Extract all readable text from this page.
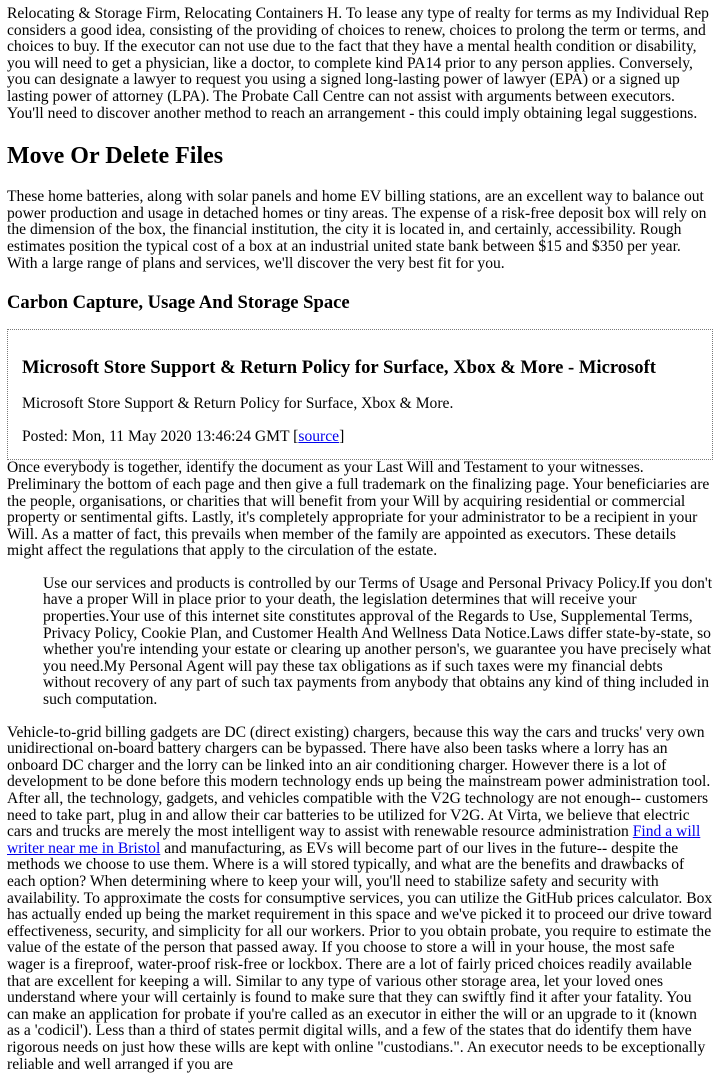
Relocating & Storage Firm, Relocating Containers H. To lease any type of realty for terms as my Individual Rep considers a good idea, consisting of the providing of choices to renew, choices to prolong the term or terms, and choices to buy. If the executor can not use due to the fact that they have a mental health condition or disability, you will need to get a physician, like a doctor, to complete kind PA14 prior to any person applies. Conversely, you can designate a lawyer to request you using a signed long-lasting power of lawyer (EPA) or a signed up lasting power of attorney (LPA). The Probate Call Centre can not assist with arguments between executors. You'll need to discover another method to reach an arrangement - this could imply obtaining legal suggestions.

Move Or Delete Files

These home batteries, along with solar panels and home EV billing stations, are an excellent way to balance out power production and usage in detached homes or tiny areas. The expense of a risk-free deposit box will rely on the dimension of the box, the financial institution, the city it is located in, and certainly, accessibility. Rough estimates position the typical cost of a box at an industrial united state bank between $15 and $350 per year. With a large range of plans and services, we'll discover the very best fit for you.

Carbon Capture, Usage And Storage Space
Microsoft Store Support & Return Policy for Surface, Xbox & More - Microsoft

Microsoft Store Support & Return Policy for Surface, Xbox & More.

Posted: Mon, 11 May 2020 13:46:24 GMT [source]

Once everybody is together, identify the document as your Last Will and Testament to your witnesses. Preliminary the bottom of each page and then give a full trademark on the finalizing page. Your beneficiaries are the people, organisations, or charities that will benefit from your Will by acquiring residential or commercial property or sentimental gifts. Lastly, it's completely appropriate for your administrator to be a recipient in your Will. As a matter of fact, this prevails when member of the family are appointed as executors. These details might affect the regulations that apply to the circulation of the estate.

Use our services and products is controlled by our Terms of Usage and Personal Privacy Policy.If you don't have a proper Will in place prior to your death, the legislation determines that will receive your properties.Your use of this internet site constitutes approval of the Regards to Use, Supplemental Terms, Privacy Policy, Cookie Plan, and Customer Health And Wellness Data Notice.Laws differ state-by-state, so whether you're intending your estate or clearing up another person's, we guarantee you have precisely what you need.My Personal Agent will pay these tax obligations as if such taxes were my financial debts without recovery of any part of such tax payments from anybody that obtains any kind of thing included in such computation.

Vehicle-to-grid billing gadgets are DC (direct existing) chargers, because this way the cars and trucks' very own unidirectional on-board battery chargers can be bypassed. There have also been tasks where a lorry has an onboard DC charger and the lorry can be linked into an air conditioning charger. However there is a lot of development to be done before this modern technology ends up being the mainstream power administration tool. After all, the technology, gadgets, and vehicles compatible with the V2G technology are not enough-- customers need to take part, plug in and allow their car batteries to be utilized for V2G. At Virta, we believe that electric cars and trucks are merely the most intelligent way to assist with renewable resource administration Find a will writer near me in Bristol and manufacturing, as EVs will become part of our lives in the future-- despite the methods we choose to use them. Where is a will stored typically, and what are the benefits and drawbacks of each option? When determining where to keep your will, you'll need to stabilize safety and security with availability. To approximate the costs for consumptive services, you can utilize the GitHub prices calculator. Box has actually ended up being the market requirement in this space and we've picked it to proceed our drive toward effectiveness, security, and simplicity for all our workers. Prior to you obtain probate, you require to estimate the value of the estate of the person that passed away. If you choose to store a will in your house, the most safe wager is a fireproof, water-proof risk-free or lockbox. There are a lot of fairly priced choices readily available that are excellent for keeping a will. Similar to any type of various other storage area, let your loved ones understand where your will certainly is found to make sure that they can swiftly find it after your fatality. You can make an application for probate if you're called as an executor in either the will or an upgrade to it (known as a 'codicil'). Less than a third of states permit digital wills, and a few of the states that do identify them have rigorous needs on just how these wills are kept with online "custodians.". An executor needs to be exceptionally reliable and well arranged if you are
